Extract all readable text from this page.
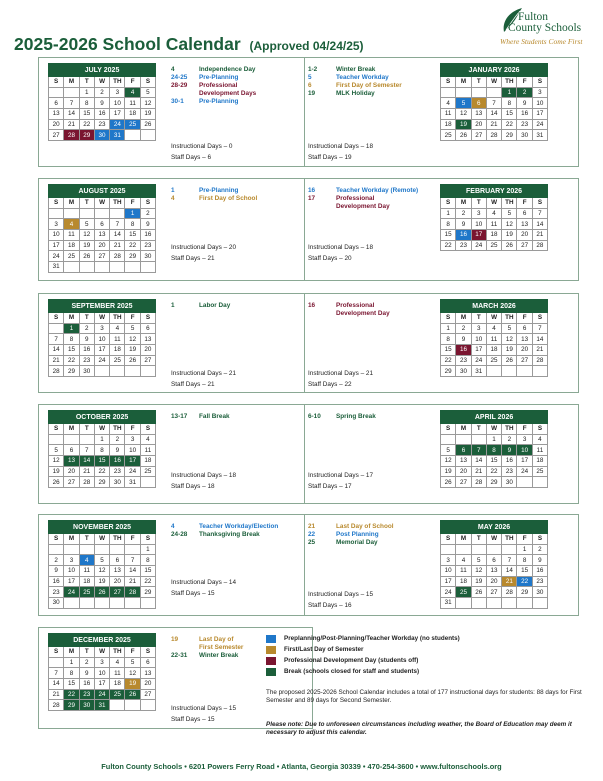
2025-2026 School Calendar (Approved 04/24/25)
Fulton
County Schools
Where Students Come First
JULY 2025						
S	M	T	W	TH	F	S
		1	2	3	4	5
6	7	8	9	10	11	12
13	14	15	16	17	18	19
20	21	22	23	24	25	26
27	28	29	30	31		
4	Independence Day
24-25	Pre-Planning
28-29	Professional
Development Days
30-1	Pre-Planning
Instructional Days – 0
Staff Days – 6
JANUARY 2026						
S	M	T	W	TH	F	S
				1	2	3
4	5	6	7	8	9	10
11	12	13	14	15	16	17
18	19	20	21	22	23	24
25	26	27	28	29	30	31
1-2	Winter Break
5	Teacher Workday
6	First Day of Semester
19	MLK Holiday
Instructional Days – 18
Staff Days – 19
AUGUST 2025						
S	M	T	W	TH	F	S
					1	2
3	4	5	6	7	8	9
10	11	12	13	14	15	16
17	18	19	20	21	22	23
24	25	26	27	28	29	30
31						
1	Pre-Planning
4	First Day of School
Instructional Days – 20
Staff Days – 21
FEBRUARY 2026						
S	M	T	W	TH	F	S
1	2	3	4	5	6	7
8	9	10	11	12	13	14
15	16	17	18	19	20	21
22	23	24	25	26	27	28
16	Teacher Workday (Remote)
17	Professional
Development Day
Instructional Days – 18
Staff Days – 20
SEPTEMBER 2025						
S	M	T	W	TH	F	S
	1	2	3	4	5	6
7	8	9	10	11	12	13
14	15	16	17	18	19	20
21	22	23	24	25	26	27
28	29	30				
1	Labor Day
Instructional Days – 21
Staff Days – 21
MARCH 2026						
S	M	T	W	TH	F	S
1	2	3	4	5	6	7
8	9	10	11	12	13	14
15	16	17	18	19	20	21
22	23	24	25	26	27	28
29	30	31				
16	Professional
Development Day
Instructional Days – 21
Staff Days – 22
OCTOBER 2025						
S	M	T	W	TH	F	S
			1	2	3	4
5	6	7	8	9	10	11
12	13	14	15	16	17	18
19	20	21	22	23	24	25
26	27	28	29	30	31	
13-17	Fall Break
Instructional Days – 18
Staff Days – 18
APRIL 2026						
S	M	T	W	TH	F	S
			1	2	3	4
5	6	7	8	9	10	11
12	13	14	15	16	17	18
19	20	21	22	23	24	25
26	27	28	29	30		
6-10	Spring Break
Instructional Days – 17
Staff Days – 17
NOVEMBER 2025						
S	M	T	W	TH	F	S
						1
2	3	4	5	6	7	8
9	10	11	12	13	14	15
16	17	18	19	20	21	22
23	24	25	26	27	28	29
30						
4	Teacher Workday/Election
24-28	Thanksgiving Break
Instructional Days – 14
Staff Days – 15
MAY 2026						
S	M	T	W	TH	F	S
					1	2
3	4	5	6	7	8	9
10	11	12	13	14	15	16
17	18	19	20	21	22	23
24	25	26	27	28	29	30
31						
21	Last Day of School
22	Post Planning
25	Memorial Day
Instructional Days – 15
Staff Days – 16
DECEMBER 2025						
S	M	T	W	TH	F	S
	1	2	3	4	5	6
7	8	9	10	11	12	13
14	15	16	17	18	19	20
21	22	23	24	25	26	27
28	29	30	31			
19	Last Day of
First Semester
22-31	Winter Break
Instructional Days – 15
Staff Days – 15
Preplanning/Post-Planning/Teacher Workday (no students)
First/Last Day of Semester
Professional Development Day (students off)
Break (schools closed for staff and students)
The proposed 2025-2026 School Calendar includes a total of 177 instructional days for students: 88 days for First Semester and 89 days for Second Semester.
Please note: Due to unforeseen circumstances including weather, the Board of Education may deem it necessary to adjust this calendar.
Fulton County Schools • 6201 Powers Ferry Road • Atlanta, Georgia 30339 • 470-254-3600 • www.fultonschools.org
